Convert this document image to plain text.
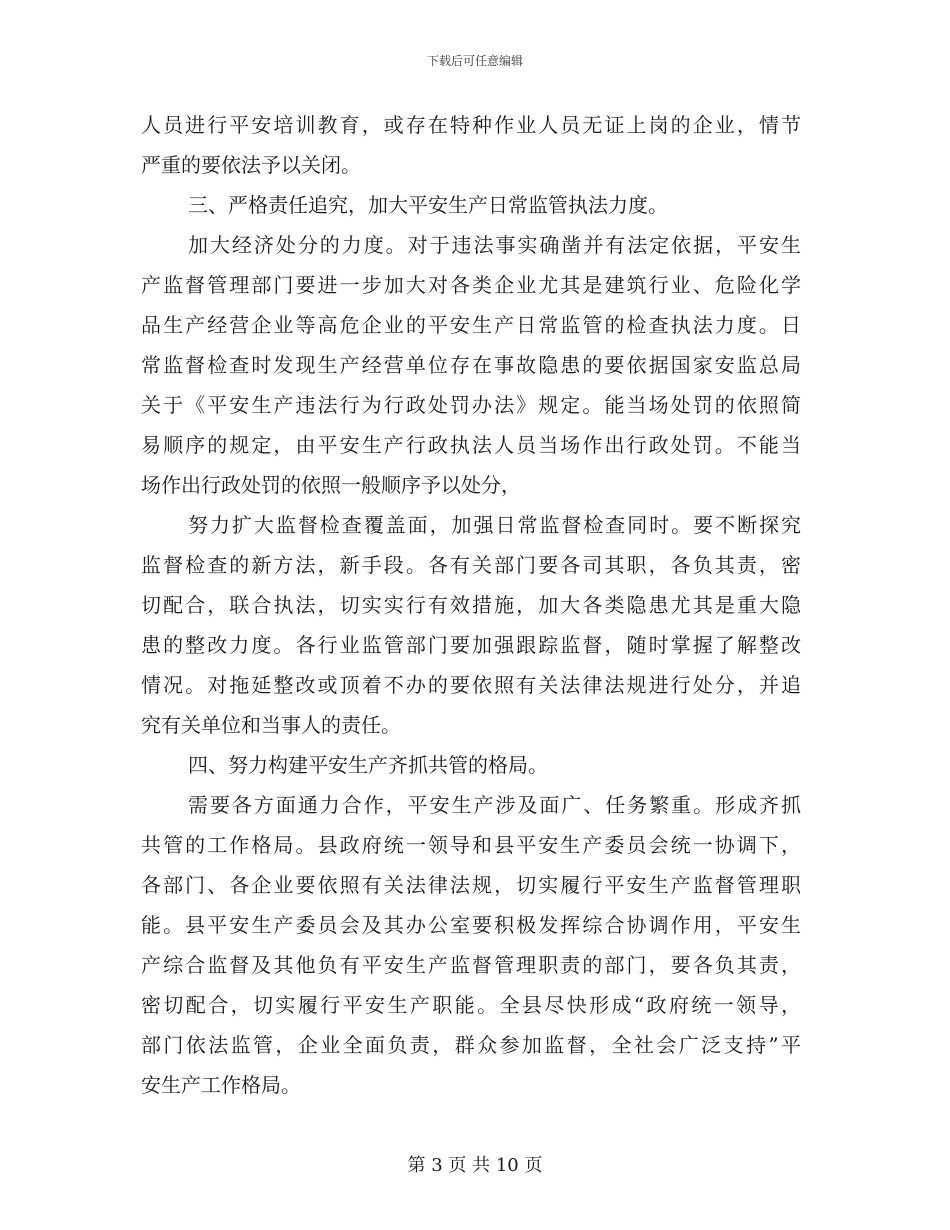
下载后可任意编辑
人员进行平安培训教育，或存在特种作业人员无证上岗的企业，情节
严重的要依法予以关闭。
三、严格责任追究，加大平安生产日常监管执法力度。
加大经济处分的力度。对于违法事实确凿并有法定依据，平安生
产监督管理部门要进一步加大对各类企业尤其是建筑行业、危险化学
品生产经营企业等高危企业的平安生产日常监管的检查执法力度。日
常监督检查时发现生产经营单位存在事故隐患的要依据国家安监总局
关于《平安生产违法行为行政处罚办法》规定。能当场处罚的依照简
易顺序的规定，由平安生产行政执法人员当场作出行政处罚。不能当
场作出行政处罚的依照一般顺序予以处分，
努力扩大监督检查覆盖面，加强日常监督检查同时。要不断探究
监督检查的新方法，新手段。各有关部门要各司其职，各负其责，密
切配合，联合执法，切实实行有效措施，加大各类隐患尤其是重大隐
患的整改力度。各行业监管部门要加强跟踪监督，随时掌握了解整改
情况。对拖延整改或顶着不办的要依照有关法律法规进行处分，并追
究有关单位和当事人的责任。
四、努力构建平安生产齐抓共管的格局。
需要各方面通力合作，平安生产涉及面广、任务繁重。形成齐抓
共管的工作格局。县政府统一领导和县平安生产委员会统一协调下，
各部门、各企业要依照有关法律法规，切实履行平安生产监督管理职
能。县平安生产委员会及其办公室要积极发挥综合协调作用，平安生
产综合监督及其他负有平安生产监督管理职责的部门，要各负其责，
密切配合，切实履行平安生产职能。全县尽快形成“政府统一领导，
部门依法监管，企业全面负责，群众参加监督，全社会广泛支持”平
安生产工作格局。
第 3 页 共 10 页
